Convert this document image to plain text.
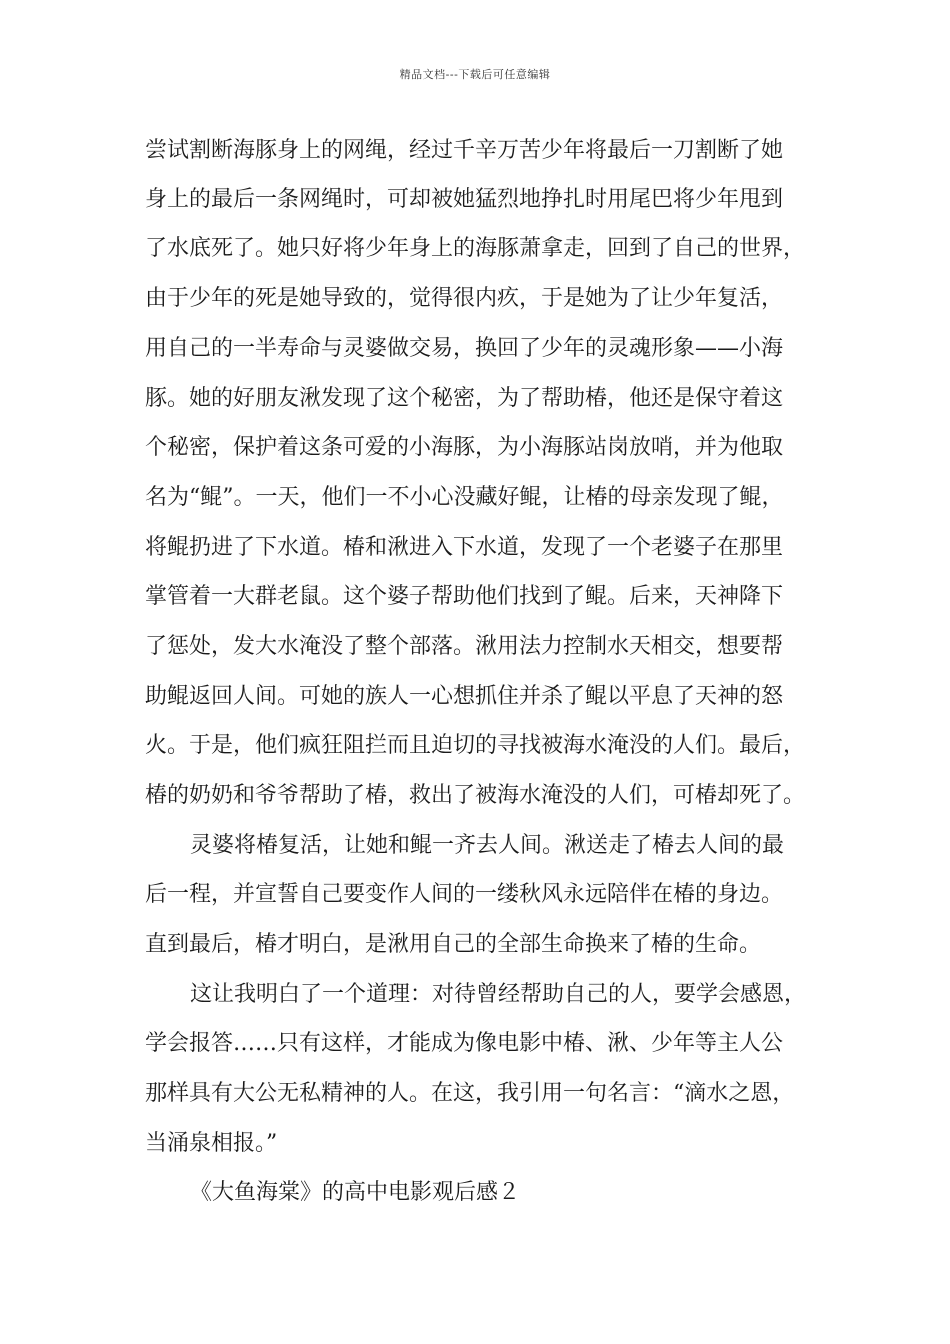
精品文档---下载后可任意编辑
尝试割断海豚身上的网绳，经过千辛万苦少年将最后一刀割断了她
身上的最后一条网绳时，可却被她猛烈地挣扎时用尾巴将少年甩到
了水底死了。她只好将少年身上的海豚萧拿走，回到了自己的世界，
由于少年的死是她导致的，觉得很内疚，于是她为了让少年复活，
用自己的一半寿命与灵婆做交易，换回了少年的灵魂形象——小海
豚。她的好朋友湫发现了这个秘密，为了帮助椿，他还是保守着这
个秘密，保护着这条可爱的小海豚，为小海豚站岗放哨，并为他取
名为“鲲”。一天，他们一不小心没藏好鲲，让椿的母亲发现了鲲，
将鲲扔进了下水道。椿和湫进入下水道，发现了一个老婆子在那里
掌管着一大群老鼠。这个婆子帮助他们找到了鲲。后来，天神降下
了惩处，发大水淹没了整个部落。湫用法力控制水天相交，想要帮
助鲲返回人间。可她的族人一心想抓住并杀了鲲以平息了天神的怒
火。于是，他们疯狂阻拦而且迫切的寻找被海水淹没的人们。最后，
椿的奶奶和爷爷帮助了椿，救出了被海水淹没的人们，可椿却死了。
灵婆将椿复活，让她和鲲一齐去人间。湫送走了椿去人间的最
后一程，并宣誓自己要变作人间的一缕秋风永远陪伴在椿的身边。
直到最后，椿才明白，是湫用自己的全部生命换来了椿的生命。
这让我明白了一个道理：对待曾经帮助自己的人，要学会感恩，
学会报答……只有这样，才能成为像电影中椿、湫、少年等主人公
那样具有大公无私精神的人。在这，我引用一句名言：“滴水之恩，
当涌泉相报。”
《大鱼海棠》的高中电影观后感２
